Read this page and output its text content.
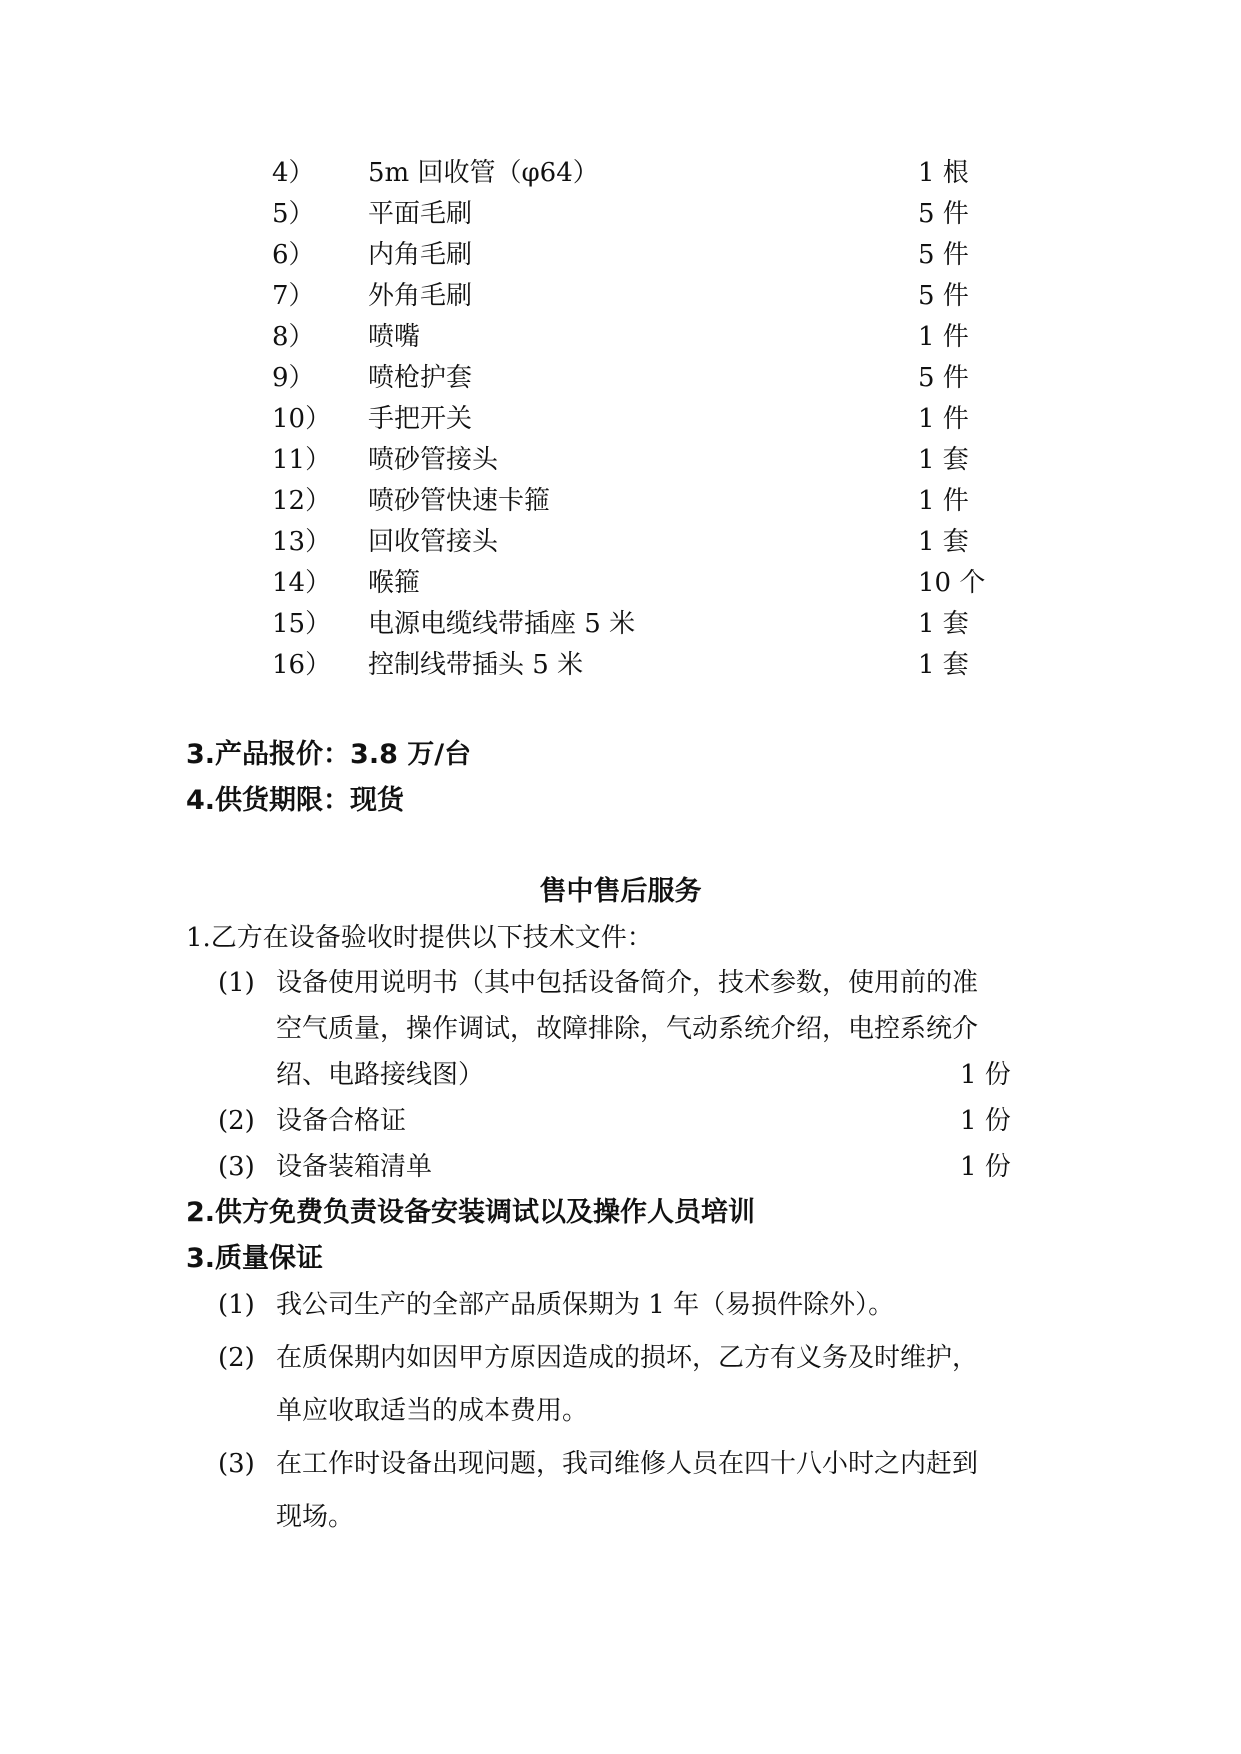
4） 5m 回收管（φ64）	1 根
5） 平面毛刷	5 件
6） 内角毛刷	5 件
7） 外角毛刷	5 件
8） 喷嘴	1 件
9） 喷枪护套	5 件
10） 手把开关	1 件
11） 喷砂管接头	1 套
12） 喷砂管快速卡箍	1 件
13） 回收管接头	1 套
14） 喉箍	10 个
15） 电源电缆线带插座 5 米	1 套
16） 控制线带插头 5 米	1 套
3.产品报价：3.8 万/台
4.供货期限：现货
售中售后服务
1.乙方在设备验收时提供以下技术文件：
(1) 设备使用说明书（其中包括设备简介，技术参数，使用前的准
空气质量，操作调试，故障排除，气动系统介绍，电控系统介
绍、电路接线图）	1 份
(2) 设备合格证	1 份
(3) 设备装箱清单	1 份
2.供方免费负责设备安装调试以及操作人员培训
3.质量保证
(1) 我公司生产的全部产品质保期为 1 年（易损件除外）。
(2) 在质保期内如因甲方原因造成的损坏，乙方有义务及时维护，
单应收取适当的成本费用。
(3) 在工作时设备出现问题，我司维修人员在四十八小时之内赶到
现场。
